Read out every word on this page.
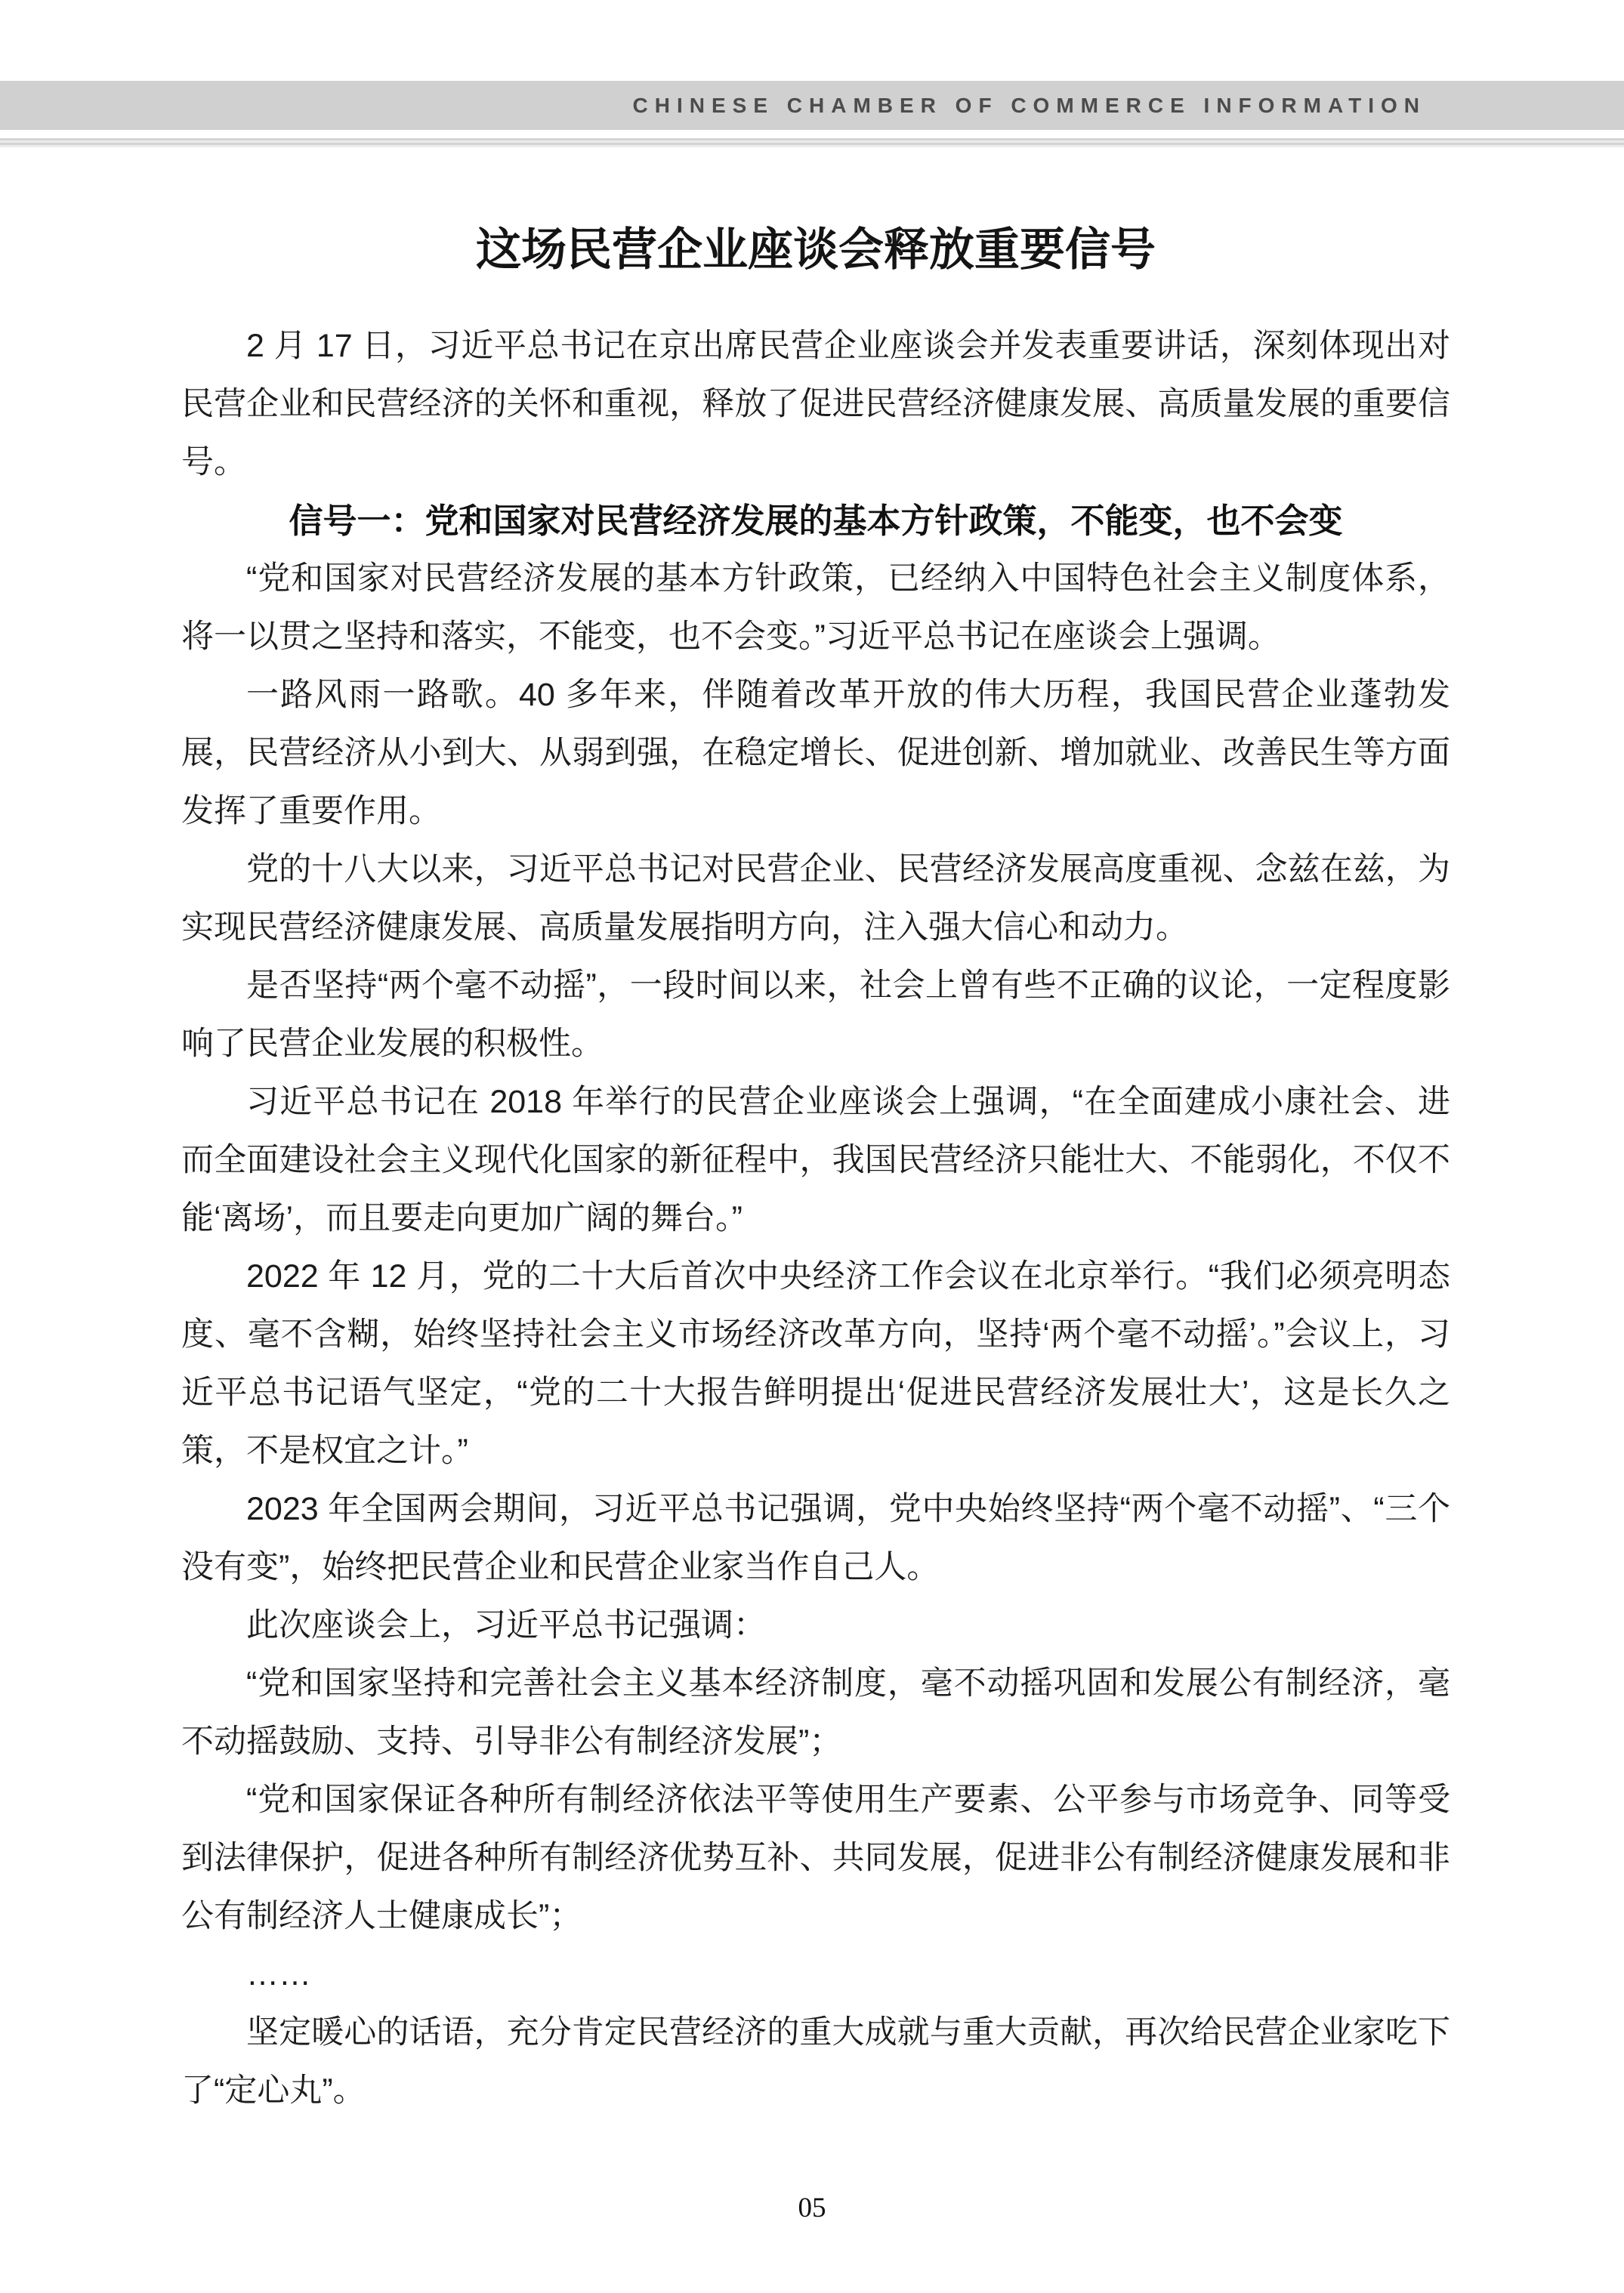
CHINESE CHAMBER OF COMMERCE INFORMATION
这场民营企业座谈会释放重要信号

2 月 17 日，习近平总书记在京出席民营企业座谈会并发表重要讲话，深刻体现出对民营企业和民营经济的关怀和重视，释放了促进民营经济健康发展、高质量发展的重要信号。

信号一：党和国家对民营经济发展的基本方针政策，不能变，也不会变

“党和国家对民营经济发展的基本方针政策，已经纳入中国特色社会主义制度体系，将一以贯之坚持和落实，不能变，也不会变。”习近平总书记在座谈会上强调。

一路风雨一路歌。40 多年来，伴随着改革开放的伟大历程，我国民营企业蓬勃发展，民营经济从小到大、从弱到强，在稳定增长、促进创新、增加就业、改善民生等方面发挥了重要作用。

党的十八大以来，习近平总书记对民营企业、民营经济发展高度重视、念兹在兹，为实现民营经济健康发展、高质量发展指明方向，注入强大信心和动力。

是否坚持“两个毫不动摇”，一段时间以来，社会上曾有些不正确的议论，一定程度影响了民营企业发展的积极性。

习近平总书记在 2018 年举行的民营企业座谈会上强调，“在全面建成小康社会、进而全面建设社会主义现代化国家的新征程中，我国民营经济只能壮大、不能弱化，不仅不能‘离场’，而且要走向更加广阔的舞台。”

2022 年 12 月，党的二十大后首次中央经济工作会议在北京举行。“我们必须亮明态度、毫不含糊，始终坚持社会主义市场经济改革方向，坚持‘两个毫不动摇’。”会议上，习近平总书记语气坚定，“党的二十大报告鲜明提出‘促进民营经济发展壮大’，这是长久之策，不是权宜之计。”

2023 年全国两会期间，习近平总书记强调，党中央始终坚持“两个毫不动摇”、“三个没有变”，始终把民营企业和民营企业家当作自己人。

此次座谈会上，习近平总书记强调：

“党和国家坚持和完善社会主义基本经济制度，毫不动摇巩固和发展公有制经济，毫不动摇鼓励、支持、引导非公有制经济发展”；

“党和国家保证各种所有制经济依法平等使用生产要素、公平参与市场竞争、同等受到法律保护，促进各种所有制经济优势互补、共同发展，促进非公有制经济健康发展和非公有制经济人士健康成长”；

……

坚定暖心的话语，充分肯定民营经济的重大成就与重大贡献，再次给民营企业家吃下了“定心丸”。

05
